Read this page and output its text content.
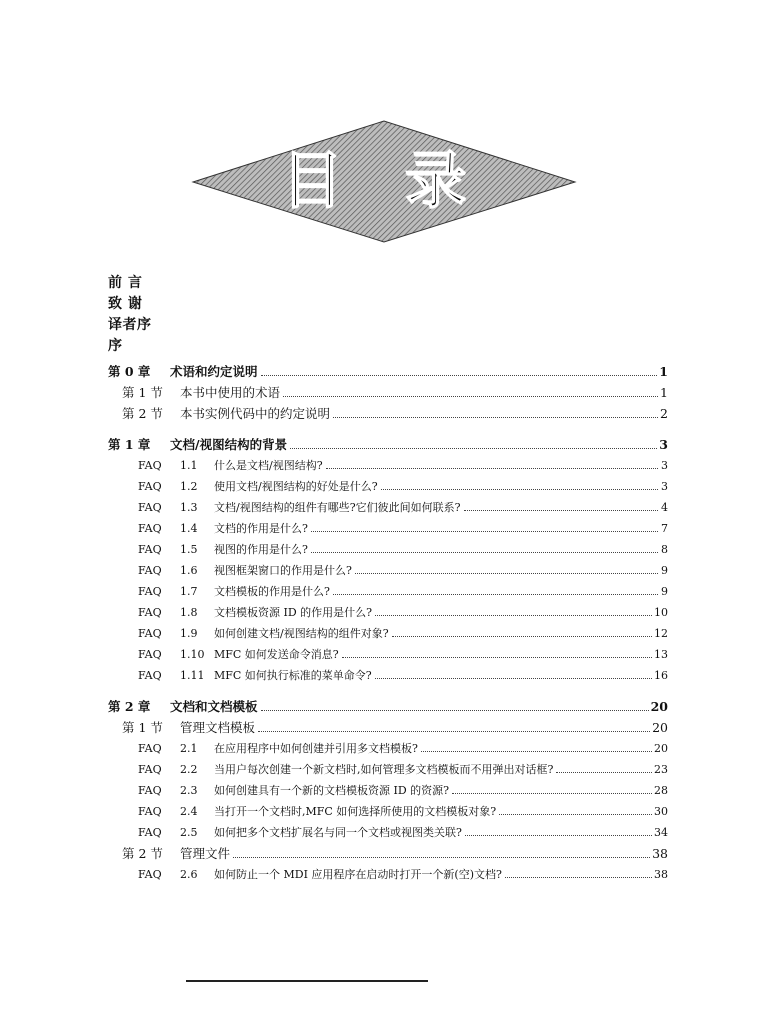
目 录
前 言
致 谢
译者序
序
第 0 章 术语和约定说明	1
第 1 节 本书中使用的术语	1
第 2 节 本书实例代码中的约定说明	2
第 1 章 文档/视图结构的背景	3
FAQ 1.1 什么是文档/视图结构?	3
FAQ 1.2 使用文档/视图结构的好处是什么?	3
FAQ 1.3 文档/视图结构的组件有哪些?它们彼此间如何联系?	4
FAQ 1.4 文档的作用是什么?	7
FAQ 1.5 视图的作用是什么?	8
FAQ 1.6 视图框架窗口的作用是什么?	9
FAQ 1.7 文档模板的作用是什么?	9
FAQ 1.8 文档模板资源 ID 的作用是什么?	10
FAQ 1.9 如何创建文档/视图结构的组件对象?	12
FAQ 1.10 MFC 如何发送命令消息?	13
FAQ 1.11 MFC 如何执行标准的菜单命令?	16
第 2 章 文档和文档模板	20
第 1 节 管理文档模板	20
FAQ 2.1 在应用程序中如何创建并引用多文档模板?	20
FAQ 2.2 当用户每次创建一个新文档时,如何管理多文档模板而不用弹出对话框?	23
FAQ 2.3 如何创建具有一个新的文档模板资源 ID 的资源?	28
FAQ 2.4 当打开一个文档时,MFC 如何选择所使用的文档模板对象?	30
FAQ 2.5 如何把多个文档扩展名与同一个文档或视图类关联?	34
第 2 节 管理文件	38
FAQ 2.6 如何防止一个 MDI 应用程序在启动时打开一个新(空)文档?	38
